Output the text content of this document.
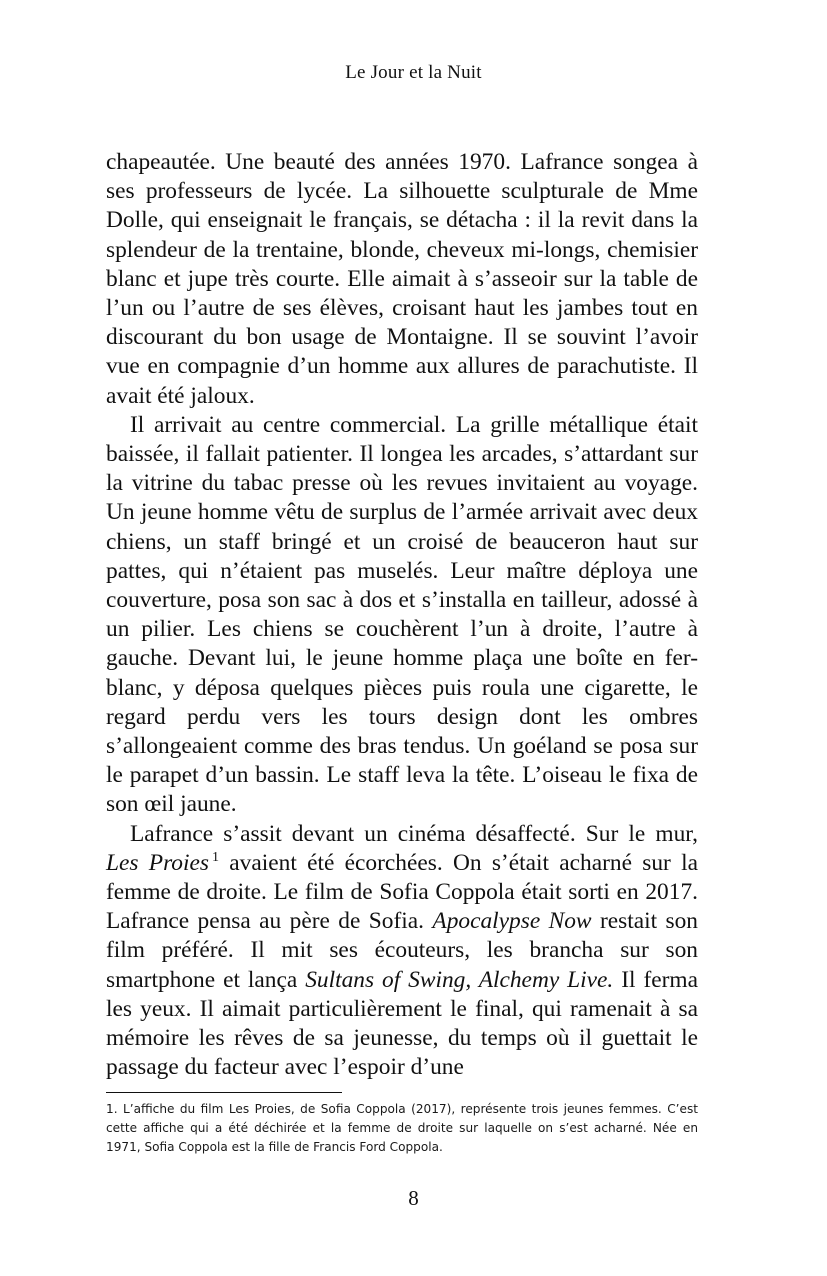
Le Jour et la Nuit

chapeautée. Une beauté des années 1970. Lafrance songea à ses professeurs de lycée. La silhouette sculpturale de Mme Dolle, qui enseignait le français, se détacha : il la revit dans la splendeur de la trentaine, blonde, cheveux mi-longs, chemisier blanc et jupe très courte. Elle aimait à s’asseoir sur la table de l’un ou l’autre de ses élèves, croisant haut les jambes tout en discourant du bon usage de Montaigne. Il se souvint l’avoir vue en compagnie d’un homme aux allures de parachutiste. Il avait été jaloux.

Il arrivait au centre commercial. La grille métallique était baissée, il fallait patienter. Il longea les arcades, s’attardant sur la vitrine du tabac presse où les revues invitaient au voyage. Un jeune homme vêtu de surplus de l’armée arrivait avec deux chiens, un staff bringé et un croisé de beauceron haut sur pattes, qui n’étaient pas muselés. Leur maître déploya une couverture, posa son sac à dos et s’installa en tailleur, adossé à un pilier. Les chiens se couchèrent l’un à droite, l’autre à gauche. Devant lui, le jeune homme plaça une boîte en fer-blanc, y déposa quelques pièces puis roula une cigarette, le regard perdu vers les tours design dont les ombres s’allongeaient comme des bras tendus. Un goéland se posa sur le parapet d’un bassin. Le staff leva la tête. L’oiseau le fixa de son œil jaune.

Lafrance s’assit devant un cinéma désaffecté. Sur le mur, Les Proies $^1$ avaient été écorchées. On s’était acharné sur la femme de droite. Le film de Sofia Coppola était sorti en 2017. Lafrance pensa au père de Sofia. Apocalypse Now restait son film préféré. Il mit ses écouteurs, les brancha sur son smartphone et lança Sultans of Swing, Alchemy Live. Il ferma les yeux. Il aimait particulièrement le final, qui ramenait à sa mémoire les rêves de sa jeunesse, du temps où il guettait le passage du facteur avec l’espoir d’une

1. L’affiche du film Les Proies, de Sofia Coppola (2017), représente trois jeunes femmes. C’est cette affiche qui a été déchirée et la femme de droite sur laquelle on s’est acharné. Née en 1971, Sofia Coppola est la fille de Francis Ford Coppola.
8
